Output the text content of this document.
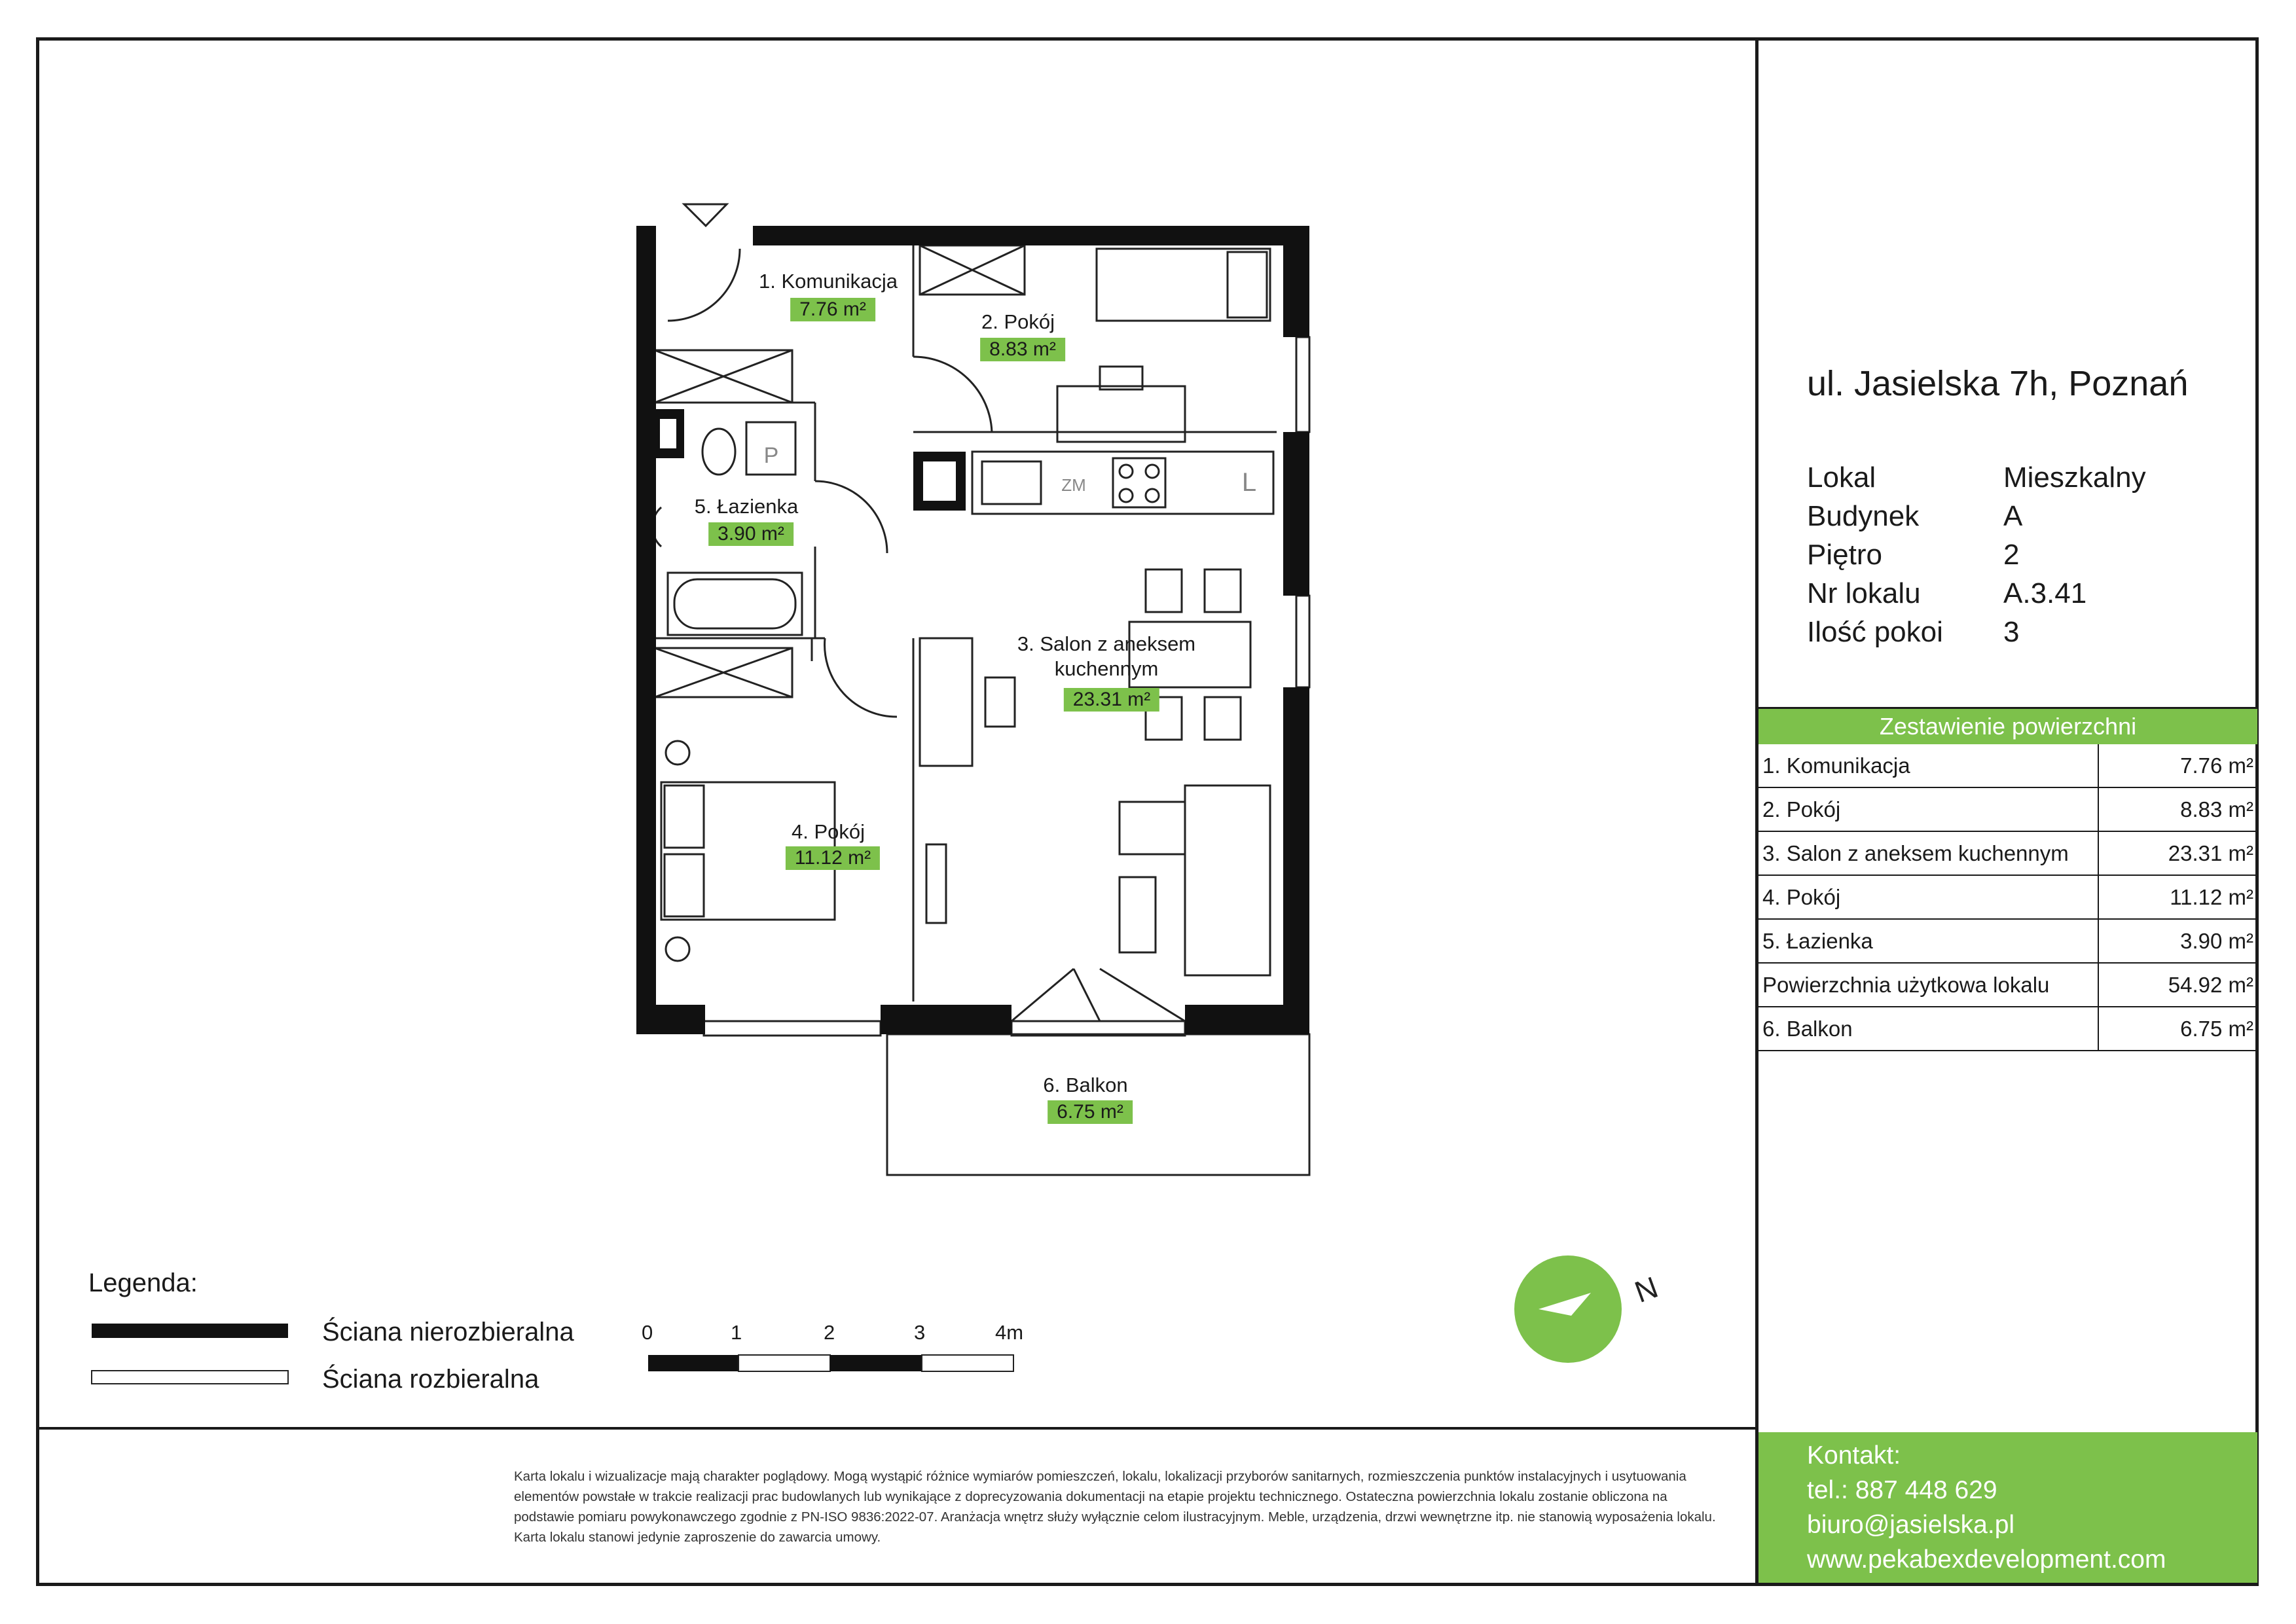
P
ZM	L
N
1. Komunikacja
7.76 m²
2. Pokój
8.83 m²
3. Salon z aneksem
kuchennym
23.31 m²
4. Pokój
11.12 m²
5. Łazienka
3.90 m²
6. Balkon
6.75 m²
Legenda:
Ściana nierozbieralna
Ściana rozbieralna
0	1	2	3	4m
ul. Jasielska 7h, Poznań
Lokal	Mieszkalny
Budynek	A
Piętro	2
Nr lokalu	A.3.41
Ilość pokoi 3
Zestawienie powierzchni
1. Komunikacja	7.76 m²
2. Pokój	8.83 m²
3. Salon z aneksem kuchennym	23.31 m²
4. Pokój	11.12 m²
5. Łazienka	3.90 m²
Powierzchnia użytkowa lokalu	54.92 m²
6. Balkon	6.75 m²
Karta lokalu i wizualizacje mają charakter poglądowy. Mogą wystąpić różnice wymiarów pomieszczeń, lokalu, lokalizacji przyborów sanitarnych, rozmieszczenia punktów instalacyjnych i usytuowania elementów powstałe w trakcie realizacji prac budowlanych lub wynikające z doprecyzowania dokumentacji na etapie projektu technicznego. Ostateczna powierzchnia lokalu zostanie obliczona na podstawie pomiaru powykonawczego zgodnie z PN-ISO 9836:2022-07. Aranżacja wnętrz służy wyłącznie celom ilustracyjnym. Meble, urządzenia, drzwi wewnętrzne itp. nie stanowią wyposażenia lokalu. Karta lokalu stanowi jedynie zaproszenie do zawarcia umowy.
Kontakt:
tel.: 887 448 629
biuro@jasielska.pl
www.pekabexdevelopment.com
